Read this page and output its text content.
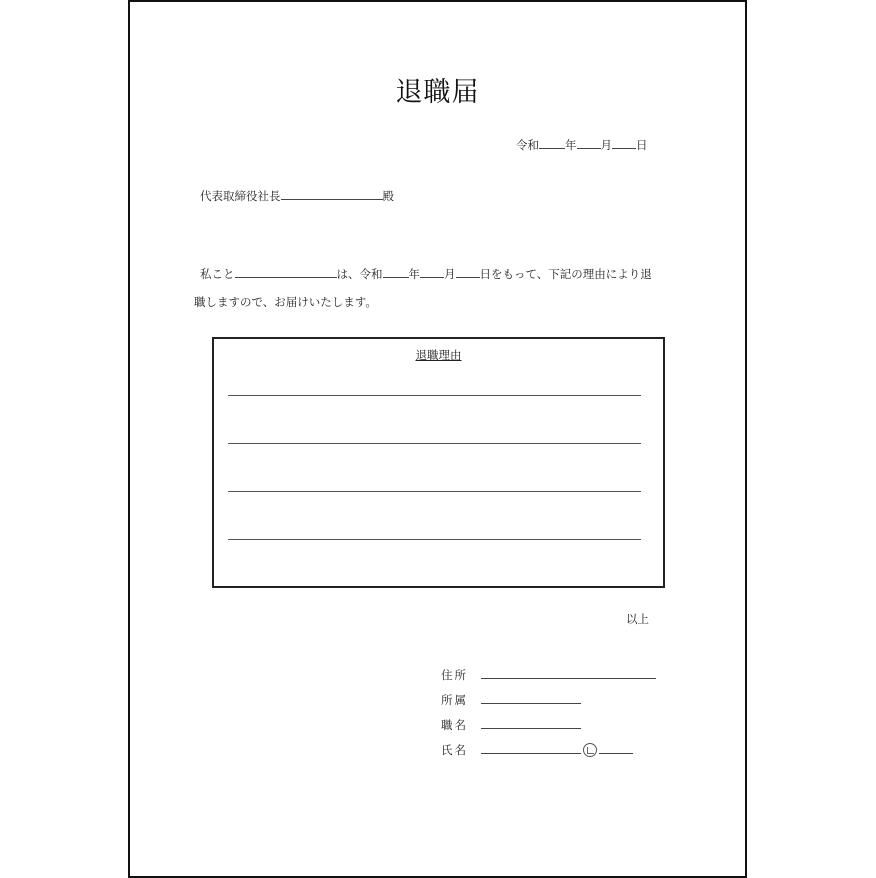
退職届
令和 年 月 日
代表取締役社長	殿
私こと	は、令和 年 月 日をもって、下記の理由により退
職しますので、お届けいたします。
退職理由
以上
住所
所属
職名
氏名
